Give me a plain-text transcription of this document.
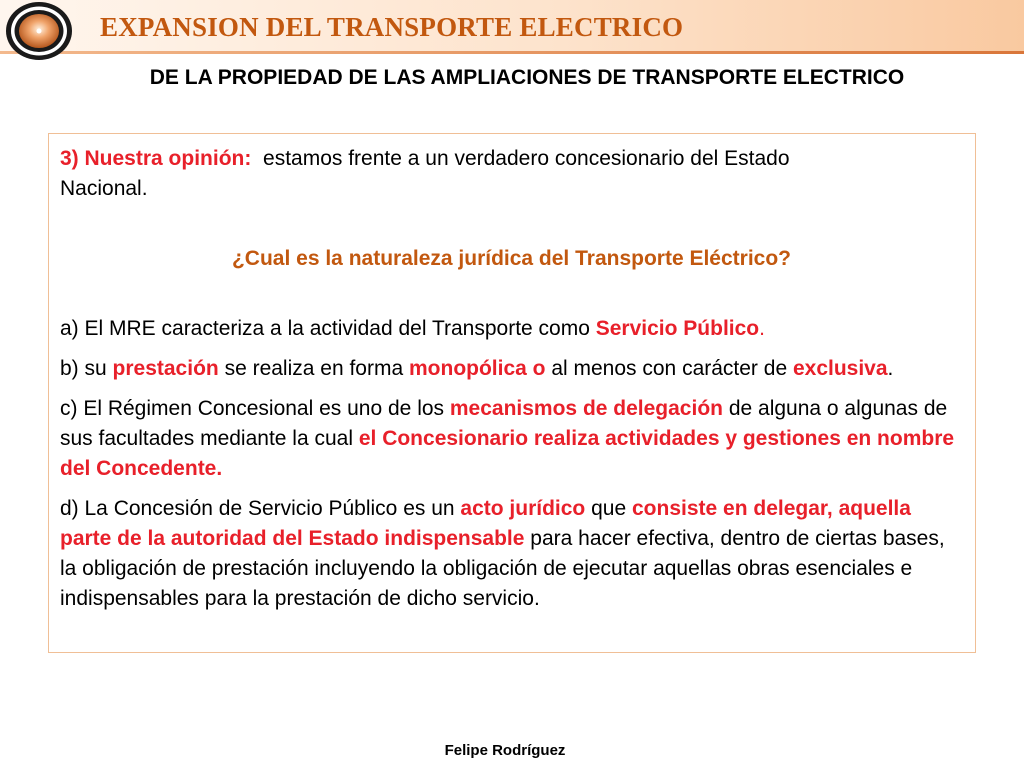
EXPANSION DEL TRANSPORTE ELECTRICO
DE LA PROPIEDAD DE LAS AMPLIACIONES DE TRANSPORTE ELECTRICO

3) Nuestra opinión:  estamos frente a un verdadero concesionario del Estado

Nacional.

¿Cual es la naturaleza jurídica del Transporte Eléctrico?

a) El MRE caracteriza a la actividad del Transporte como Servicio Público.

b) su prestación se realiza en forma monopólica o al menos con carácter de exclusiva.

c) El Régimen Concesional es uno de los mecanismos de delegación de alguna o algunas de sus facultades mediante la cual el Concesionario realiza actividades y gestiones en nombre del Concedente.

d) La Concesión de Servicio Público es un acto jurídico que consiste en delegar, aquella parte de la autoridad del Estado indispensable para hacer efectiva, dentro de ciertas bases, la obligación de prestación incluyendo la obligación de ejecutar aquellas obras esenciales e indispensables para la prestación de dicho servicio.

Felipe Rodríguez
